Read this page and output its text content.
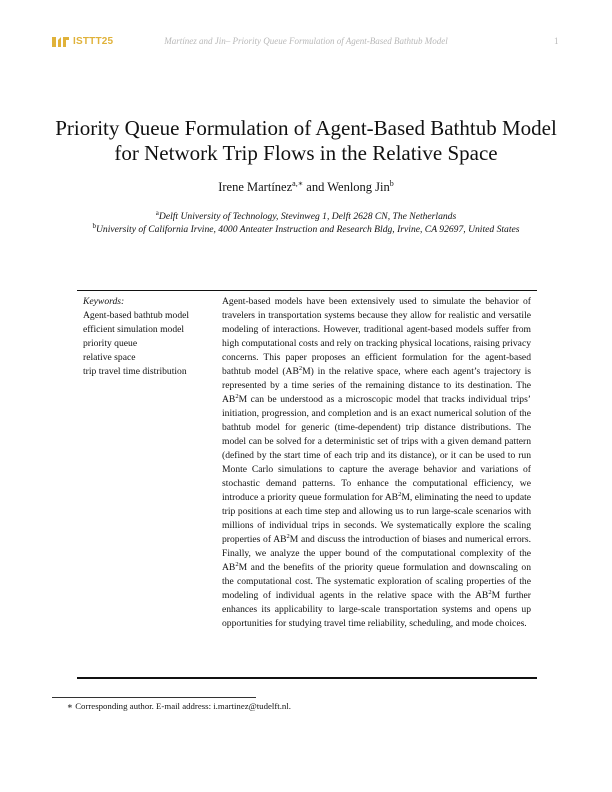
ISTTT25	Martínez and Jin– Priority Queue Formulation of Agent-Based Bathtub Model	1
Priority Queue Formulation of Agent-Based Bathtub Model
for Network Trip Flows in the Relative Space
Irene Martínez$^{a,∗}$ and Wenlong Jin$^b$
$^a$Delft University of Technology, Stevinweg 1, Delft 2628 CN, The Netherlands
$^b$University of California Irvine, 4000 Anteater Instruction and Research Bldg, Irvine, CA 92697, United States
Keywords:
Agent-based bathtub model
efficient simulation model
priority queue
relative space
trip travel time distribution
Agent-based models have been extensively used to simulate the behavior of travelers in transportation systems because they allow for realistic and versatile modeling of interactions. However, traditional agent-based models suffer from high computational costs and rely on tracking physical locations, raising privacy concerns. This paper proposes an efficient formulation for the agent-based bathtub model $(AB^2M)$ in the relative space, where each agent’s trajectory is represented by a time series of the remaining distance to its destination. The $AB^2M$ can be understood as a microscopic model that tracks individual trips’ initiation, progression, and completion and is an exact numerical solution of the bathtub model for generic (time-dependent) trip distance distributions. The model can be solved for a deterministic set of trips with a given demand pattern (defined by the start time of each trip and its distance), or it can be used to run Monte Carlo simulations to capture the average behavior and variations of stochastic demand patterns. To enhance the computational efficiency, we introduce a priority queue formulation for $AB^2M$, eliminating the need to update trip positions at each time step and allowing us to run large-scale scenarios with millions of individual trips in seconds. We systematically explore the scaling properties of $AB^2M$ and discuss the introduction of biases and numerical errors. Finally, we analyze the upper bound of the computational complexity of the $AB^2M$ and the benefits of the priority queue formulation and downscaling on the computational cost. The systematic exploration of scaling properties of the modeling of individual agents in the relative space with the $AB^2M$ further enhances its applicability to large-scale transportation systems and opens up opportunities for studying travel time reliability, scheduling, and mode choices.
∗ Corresponding author. E-mail address: i.martinez@tudelft.nl.
